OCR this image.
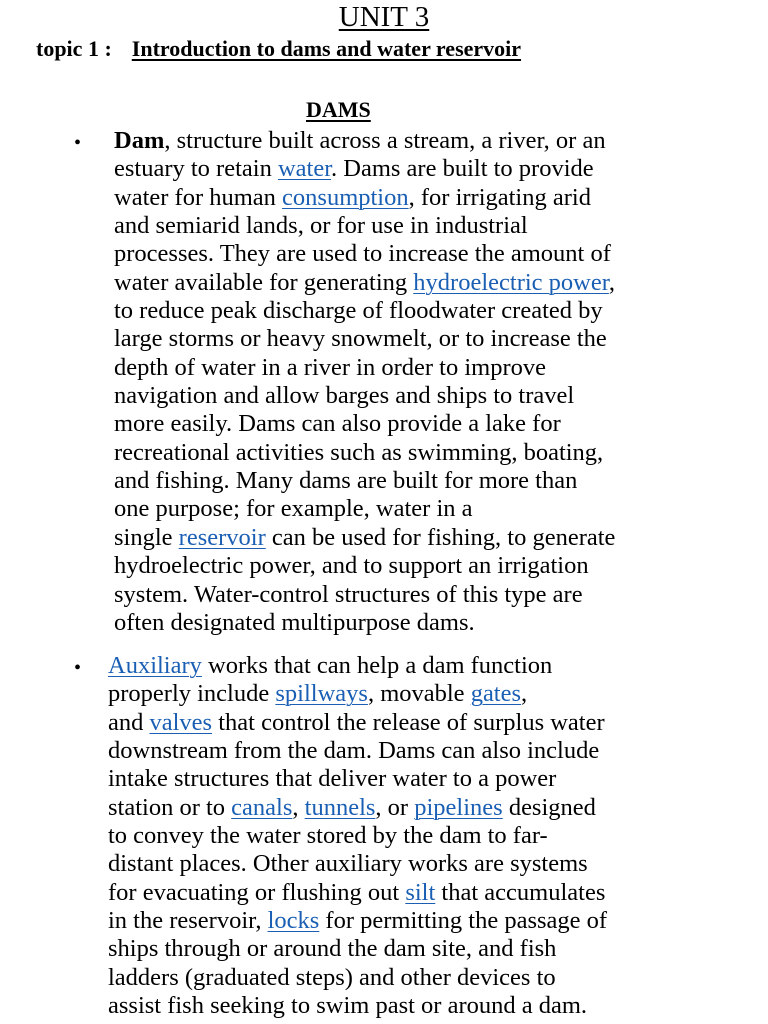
UNIT 3
topic 1 : Introduction to dams and water reservoir
DAMS
• Dam, structure built across a stream, a river, or an
estuary to retain water. Dams are built to provide
water for human consumption, for irrigating arid
and semiarid lands, or for use in industrial
processes. They are used to increase the amount of
water available for generating hydroelectric power,
to reduce peak discharge of floodwater created by
large storms or heavy snowmelt, or to increase the
depth of water in a river in order to improve
navigation and allow barges and ships to travel
more easily. Dams can also provide a lake for
recreational activities such as swimming, boating,
and fishing. Many dams are built for more than
one purpose; for example, water in a
single reservoir can be used for fishing, to generate
hydroelectric power, and to support an irrigation
system. Water-control structures of this type are
often designated multipurpose dams.
• Auxiliary works that can help a dam function
properly include spillways, movable gates,
and valves that control the release of surplus water
downstream from the dam. Dams can also include
intake structures that deliver water to a power
station or to canals, tunnels, or pipelines designed
to convey the water stored by the dam to far-
distant places. Other auxiliary works are systems
for evacuating or flushing out silt that accumulates
in the reservoir, locks for permitting the passage of
ships through or around the dam site, and fish
ladders (graduated steps) and other devices to
assist fish seeking to swim past or around a dam.
